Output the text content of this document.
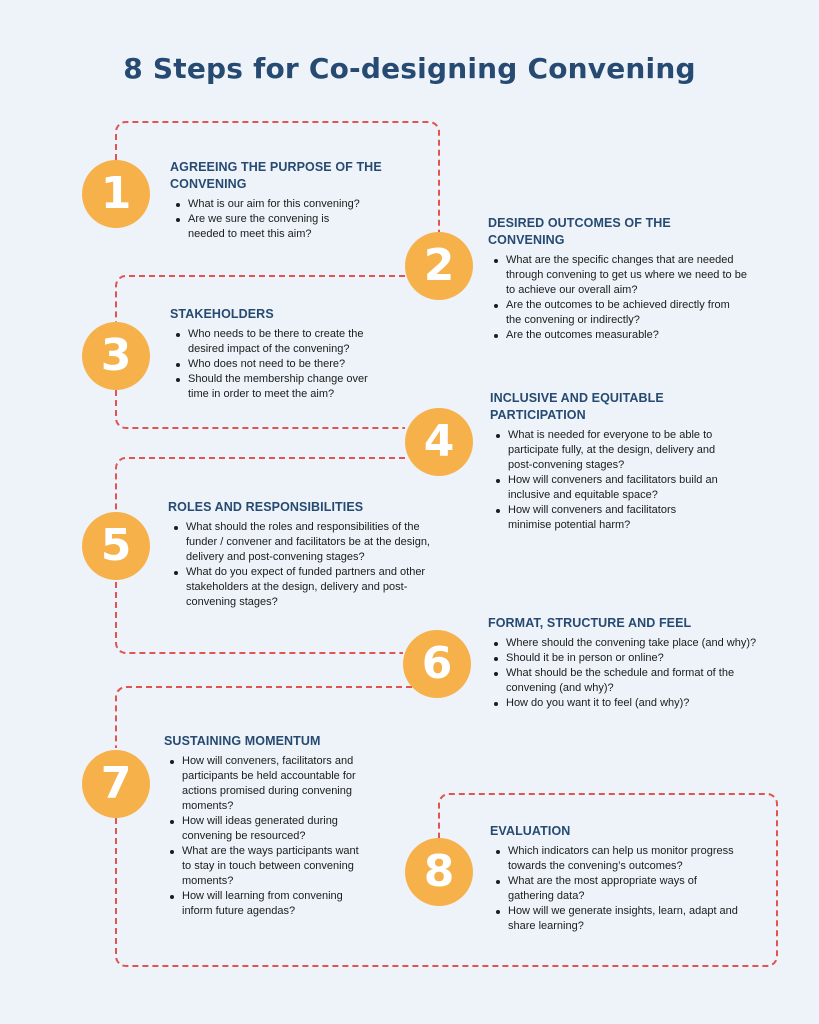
8 Steps for Co-designing Convening
1
2
3
4
5
6
7
8
AGREEING THE PURPOSE OF THE CONVENING
What is our aim for this convening?
Are we sure the convening is needed to meet this aim?
DESIRED OUTCOMES OF THE CONVENING
What are the specific changes that are needed through convening to get us where we need to be to achieve our overall aim?
Are the outcomes to be achieved directly from the convening or indirectly?
Are the outcomes measurable?
STAKEHOLDERS
Who needs to be there to create the desired impact of the convening?
Who does not need to be there?
Should the membership change over time in order to meet the aim?	INCLUSIVE AND EQUITABLE PARTICIPATION
What is needed for everyone to be able to participate fully, at the design, delivery and post-convening stages?
How will conveners and facilitators build an inclusive and equitable space?
How will conveners and facilitators minimise potential harm?
ROLES AND RESPONSIBILITIES
What should the roles and responsibilities of the funder / convener and facilitators be at the design, delivery and post-convening stages?
What do you expect of funded partners and other stakeholders at the design, delivery and post-convening stages?
FORMAT, STRUCTURE AND FEEL
Where should the convening take place (and why)?
Should it be in person or online?
What should be the schedule and format of the convening (and why)?
How do you want it to feel (and why)?
SUSTAINING MOMENTUM
How will conveners, facilitators and participants be held accountable for actions promised during convening moments?
How will ideas generated during convening be resourced?
What are the ways participants want to stay in touch between convening moments?
How will learning from convening inform future agendas?
EVALUATION
Which indicators can help us monitor progress towards the convening’s outcomes?
What are the most appropriate ways of gathering data?
How will we generate insights, learn, adapt and share learning?
